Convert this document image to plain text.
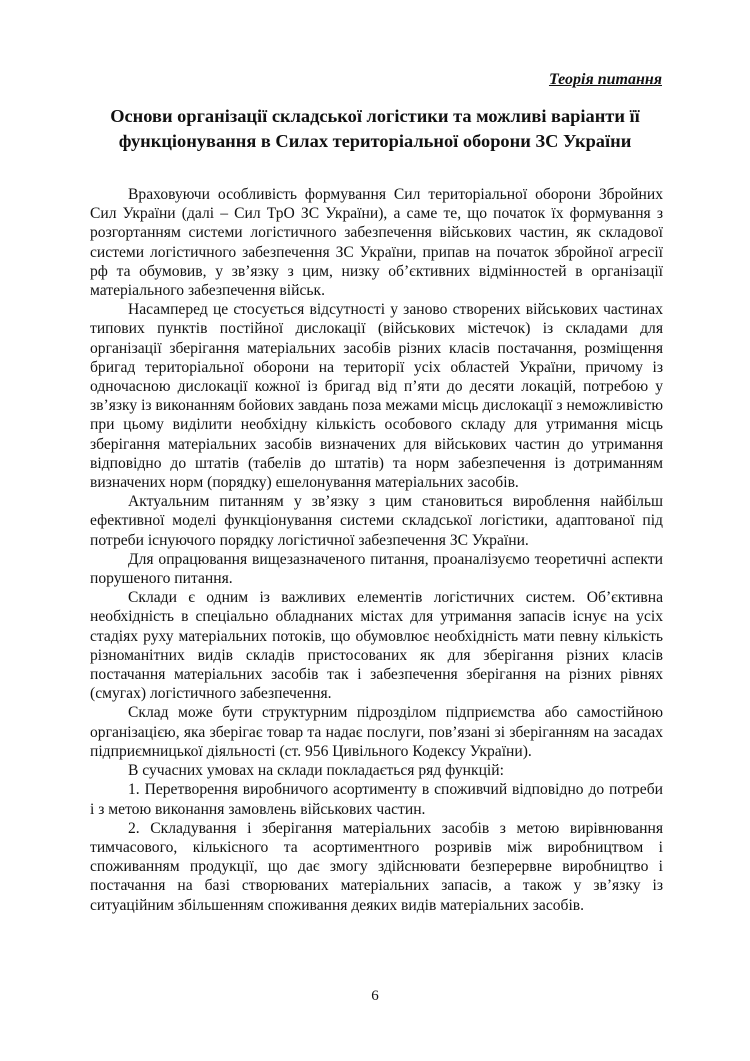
Теорія питання
Основи організації складської логістики та можливі варіанти її функціонування в Силах територіальної оборони ЗС України

Враховуючи особливість формування Сил територіальної оборони Збройних Сил України (далі – Сил ТрО ЗС України), а саме те, що початок їх формування з розгортанням системи логістичного забезпечення військових частин, як складової системи логістичного забезпечення ЗС України, припав на початок збройної агресії рф та обумовив, у зв’язку з цим, низку об’єктивних відмінностей в організації матеріального забезпечення військ.

Насамперед це стосується відсутності у заново створених військових частинах типових пунктів постійної дислокації (військових містечок) із складами для організації зберігання матеріальних засобів різних класів постачання, розміщення бригад територіальної оборони на території усіх областей України, причому із одночасною дислокації кожної із бригад від п’яти до десяти локацій, потребою у зв’язку із виконанням бойових завдань поза межами місць дислокації з неможливістю при цьому виділити необхідну кількість особового складу для утримання місць зберігання матеріальних засобів визначених для військових частин до утримання відповідно до штатів (табелів до штатів) та норм забезпечення із дотриманням визначених норм (порядку) ешелонування матеріальних засобів.

Актуальним питанням у зв’язку з цим становиться вироблення найбільш ефективної моделі функціонування системи складської логістики, адаптованої під потреби існуючого порядку логістичної забезпечення ЗС України.

Для опрацювання вищезазначеного питання, проаналізуємо теоретичні аспекти порушеного питання.

Склади є одним із важливих елементів логістичних систем. Об’єктивна необхідність в спеціально обладнаних містах для утримання запасів існує на усіх стадіях руху матеріальних потоків, що обумовлює необхідність мати певну кількість різноманітних видів складів пристосованих як для зберігання різних класів постачання матеріальних засобів так і забезпечення зберігання на різних рівнях (смугах) логістичного забезпечення.

Склад може бути структурним підрозділом підприємства або самостійною організацією, яка зберігає товар та надає послуги, пов’язані зі зберіганням на засадах підприємницької діяльності (ст. 956 Цивільного Кодексу України).

В сучасних умовах на склади покладається ряд функцій:

1. Перетворення виробничого асортименту в споживчий відповідно до потреби і з метою виконання замовлень військових частин.

2. Складування і зберігання матеріальних засобів з метою вирівнювання тимчасового, кількісного та асортиментного розривів між виробництвом і споживанням продукції, що дає змогу здійснювати безперервне виробництво і постачання на базі створюваних матеріальних запасів, а також у зв’язку із ситуаційним збільшенням споживання деяких видів матеріальних засобів.

6
